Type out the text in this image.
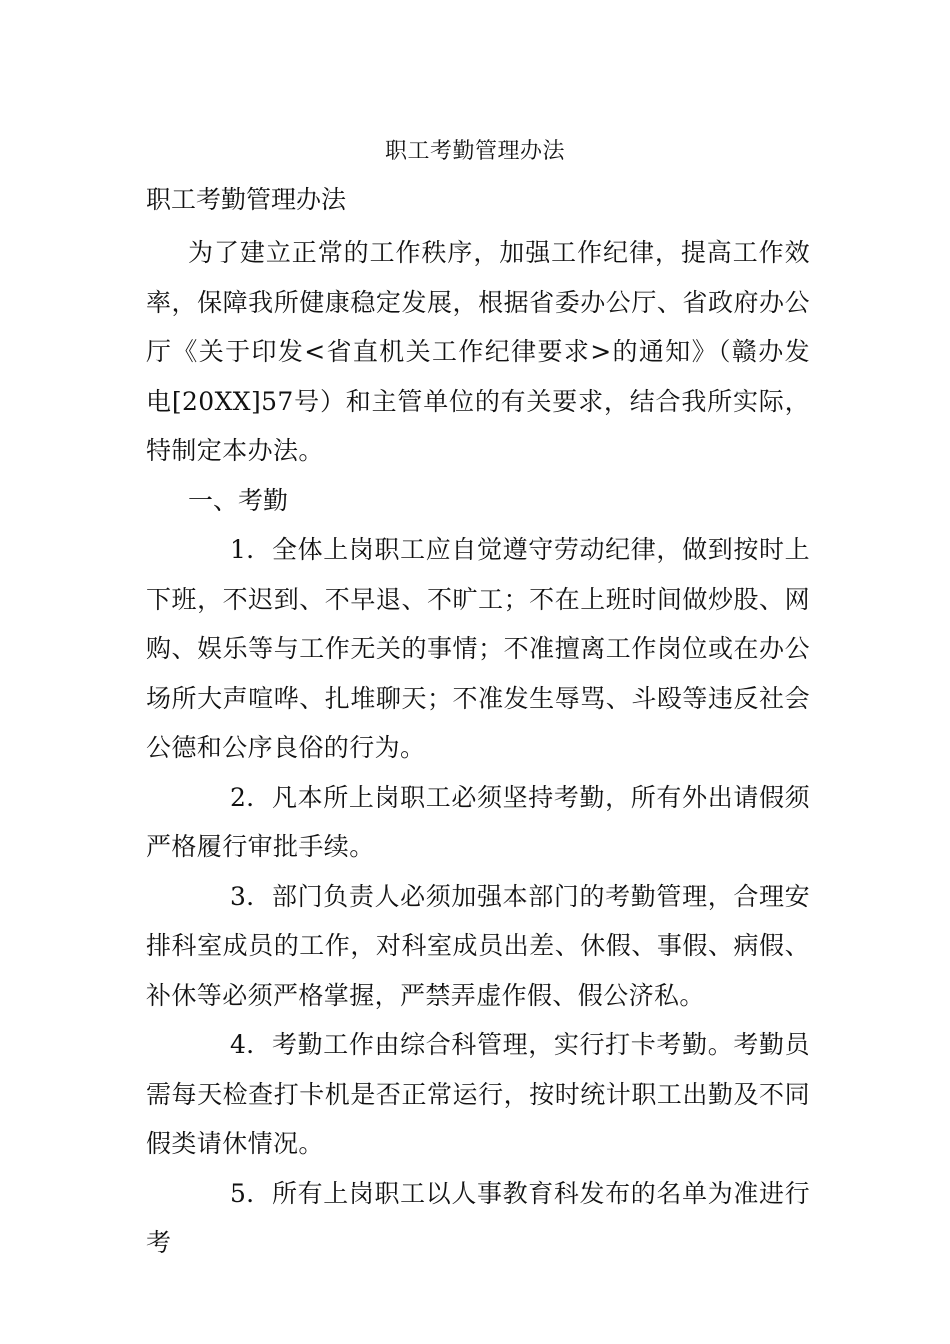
职工考勤管理办法
职工考勤管理办法

为了建立正常的工作秩序，加强工作纪律，提高工作效率，保障我所健康稳定发展，根据省委办公厅、省政府办公厅《关于印发<省直机关工作纪律要求>的通知》（赣办发电[20XX]57号）和主管单位的有关要求，结合我所实际，特制定本办法。

一、考勤

1．全体上岗职工应自觉遵守劳动纪律，做到按时上下班，不迟到、不早退、不旷工；不在上班时间做炒股、网购、娱乐等与工作无关的事情；不准擅离工作岗位或在办公场所大声喧哗、扎堆聊天；不准发生辱骂、斗殴等违反社会公德和公序良俗的行为。

2．凡本所上岗职工必须坚持考勤，所有外出请假须严格履行审批手续。

3．部门负责人必须加强本部门的考勤管理，合理安排科室成员的工作，对科室成员出差、休假、事假、病假、补休等必须严格掌握，严禁弄虚作假、假公济私。

4．考勤工作由综合科管理，实行打卡考勤。考勤员需每天检查打卡机是否正常运行，按时统计职工出勤及不同假类请休情况。

5．所有上岗职工以人事教育科发布的名单为准进行考
